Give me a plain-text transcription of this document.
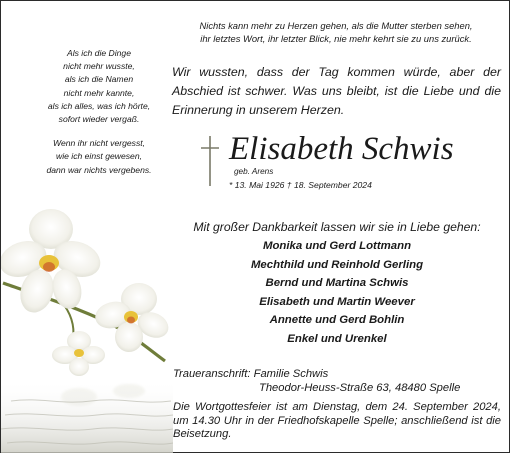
Nichts kann mehr zu Herzen gehen, als die Mutter sterben sehen,
ihr letztes Wort, ihr letzter Blick, nie mehr kehrt sie zu uns zurück.
Als ich die Dinge
nicht mehr wusste,
als ich die Namen
nicht mehr kannte,
als ich alles, was ich hörte,
sofort wieder vergaß.
Wenn ihr nicht vergesst,
wie ich einst gewesen,
dann war nichts vergebens.
Wir wussten, dass der Tag kommen würde, aber der Abschied ist schwer. Was uns bleibt, ist die Liebe und die Erinnerung in unserem Herzen.
Elisabeth Schwis
geb. Arens
* 13. Mai 1926 † 18. September 2024
Mit großer Dankbarkeit lassen wir sie in Liebe gehen:
Monika und Gerd Lottmann
Mechthild und Reinhold Gerling
Bernd und Martina Schwis
Elisabeth und Martin Weever
Annette und Gerd Bohlin
Enkel und Urenkel
Traueranschrift: Familie Schwis
Theodor-Heuss-Straße 63, 48480 Spelle
Die Wortgottesfeier ist am Dienstag, dem 24. September 2024, um 14.30 Uhr in der Friedhofskapelle Spelle; anschließend ist die Beisetzung.
